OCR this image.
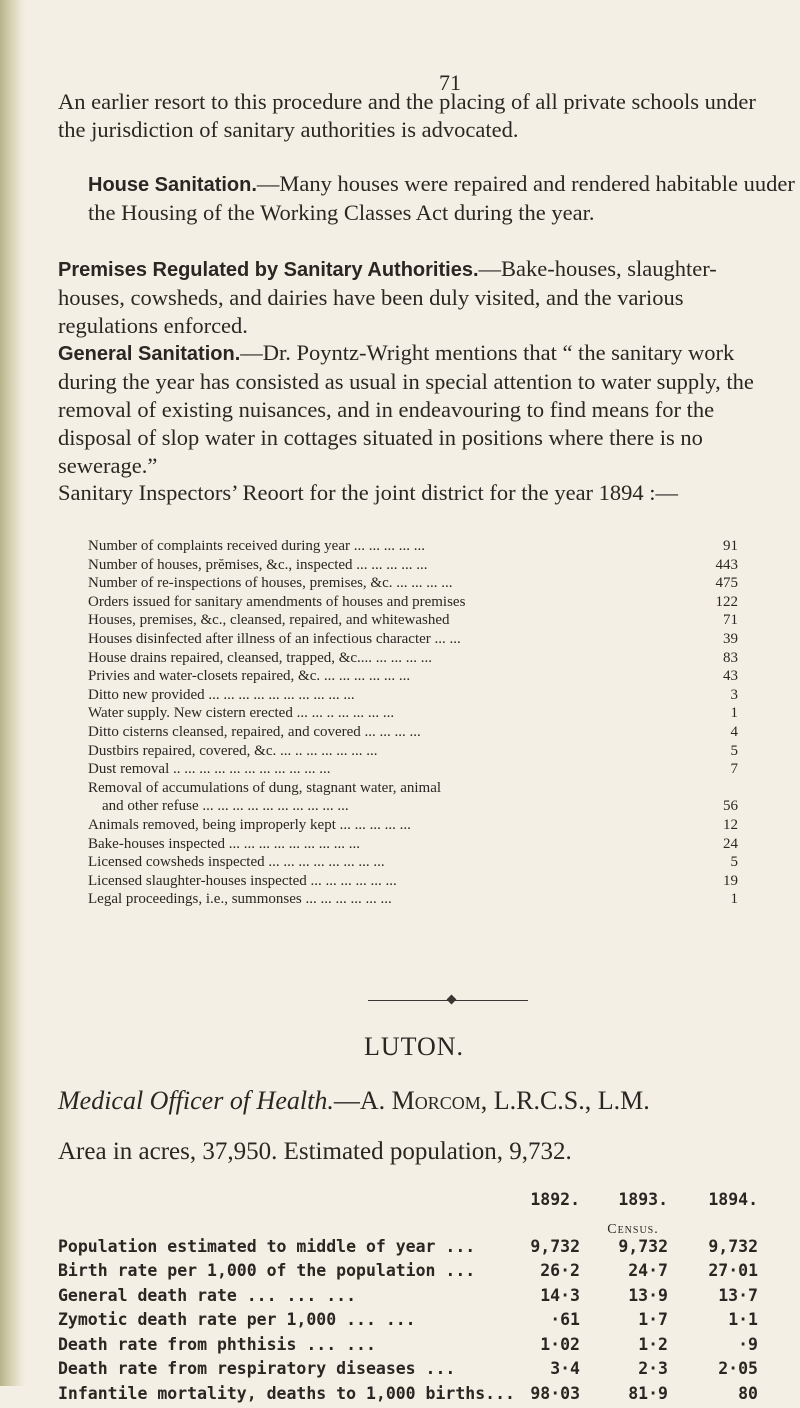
71

An earlier resort to this procedure and the placing of all private schools under the jurisdiction of sanitary authorities is advocated.

House Sanitation.—Many houses were repaired and rendered habitable uuder the Housing of the Working Classes Act during the year.

Premises Regulated by Sanitary Authorities.—Bake-houses, slaughter-houses, cowsheds, and dairies have been duly visited, and the various regulations enforced.

General Sanitation.—Dr. Poyntz-Wright mentions that “ the sanitary work during the year has consisted as usual in special attention to water supply, the removal of existing nuisances, and in endeavouring to find means for the disposal of slop water in cottages situated in positions where there is no sewerage.”

Sanitary Inspectors’ Reoort for the joint district for the year 1894 :—

Number of complaints received during year ... ... ... ... ...	91
Number of houses, prĕmises, &c., inspected ... ... ... ... ...	443
Number of re-inspections of houses, premises, &c. ... ... ... ...	475
Orders issued for sanitary amendments of houses and premises	122
Houses, premises, &c., cleansed, repaired, and whitewashed	71
Houses disinfected after illness of an infectious character ... ...	39
House drains repaired, cleansed, trapped, &c.... ... ... ... ...	83
Privies and water-closets repaired, &c. ... ... ... ... ... ...	43
Ditto new provided ... ... ... ... ... ... ... ... ... ...	3
Water supply. New cistern erected ... ... .. ... ... ... ...	1
Ditto cisterns cleansed, repaired, and covered ... ... ... ...	4
Dustbirs repaired, covered, &c. ... .. ... ... ... ... ...	5
Dust removal .. ... ... ... ... ... ... ... ... ... ...	7
Removal of accumulations of dung, stagnant water, animal
and other refuse ... ... ... ... ... ... ... ... ... ...	56
Animals removed, being improperly kept ... ... ... ... ...	12
Bake-houses inspected ... ... ... ... ... ... ... ... ...	24
Licensed cowsheds inspected ... ... ... ... ... ... ... ...	5
Licensed slaughter-houses inspected ... ... ... ... ... ...	19
Legal proceedings, i.e., summonses ... ... ... ... ... ...	1

LUTON.

Medical Officer of Health.—A. Morcom, L.R.C.S., L.M.
Area in acres, 37,950. Estimated population, 9,732.
1892.	1893.	1894.
Population estimated to middle of year ...	9,732	9,732	9,732
Birth rate per 1,000 of the population ...	26·2	24·7	27·01
General death rate ... ... ...	14·3	13·9	13·7
Zymotic death rate per 1,000 ... ...	·61	1·7	1·1
Death rate from phthisis ... ...	1·02	1·2	·9
Death rate from respiratory diseases ...	3·4	2·3	2·05
Infantile mortality, deaths to 1,000 births... 98·03	81·9	80
Census.
